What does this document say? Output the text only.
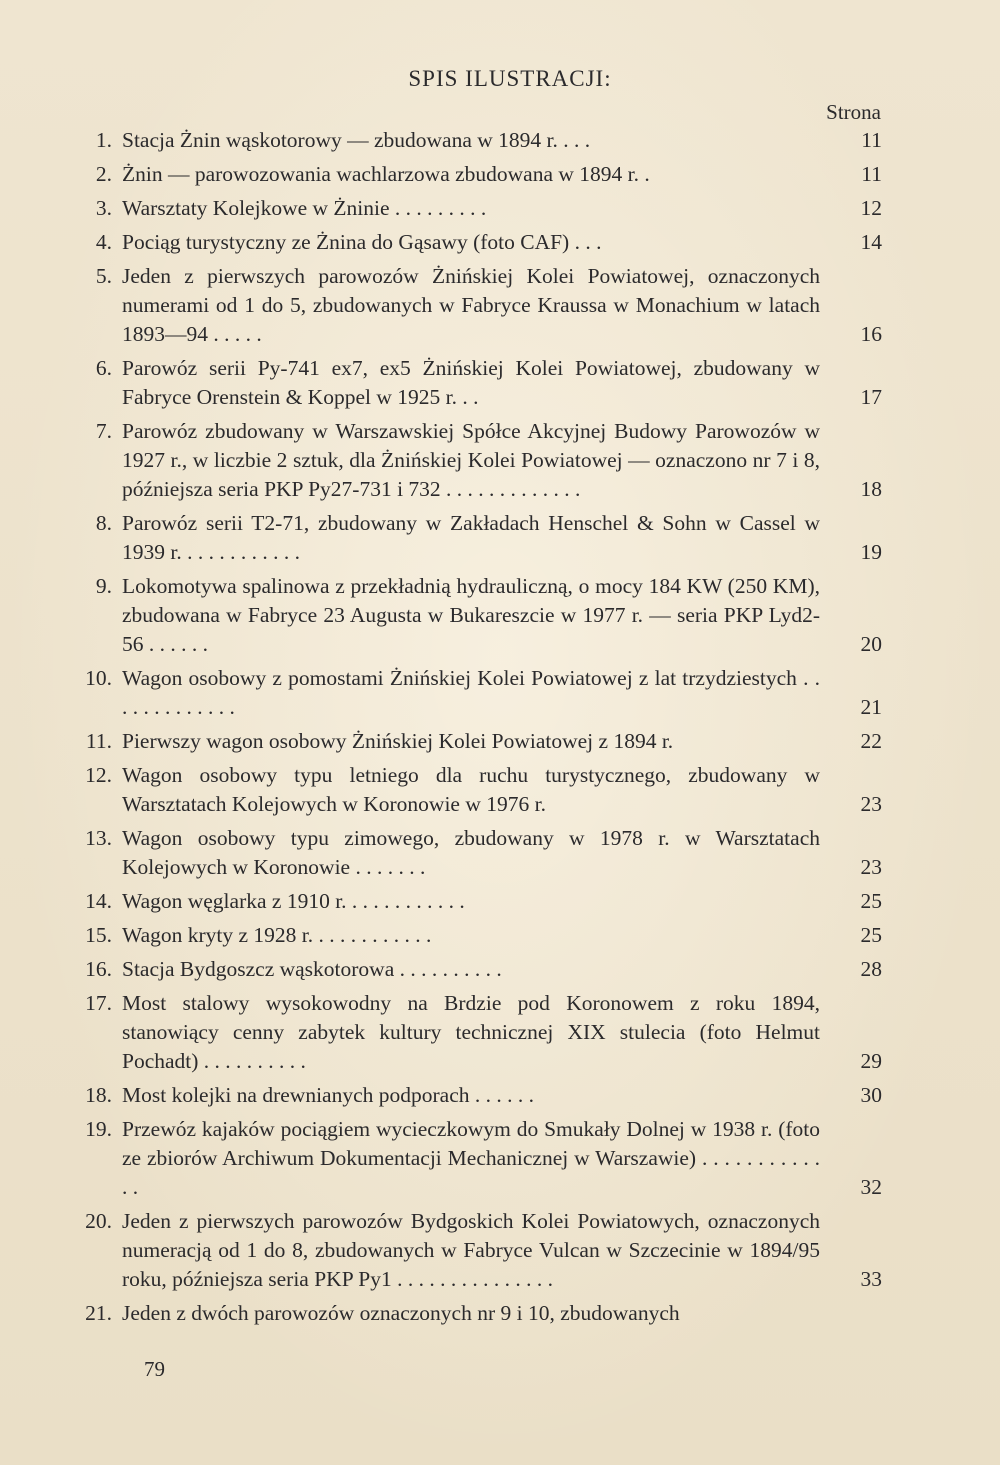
SPIS ILUSTRACJI:
Strona
1. Stacja Żnin wąskotorowy — zbudowana w 1894 r. . . .	11
2. Żnin — parowozowania wachlarzowa zbudowana w 1894 r. .	11
3. Warsztaty Kolejkowe w Żninie . . . . . . . . .	12
4. Pociąg turystyczny ze Żnina do Gąsawy (foto CAF) . . .	14
5. Jeden z pierwszych parowozów Żnińskiej Kolei Powiatowej, oznaczonych numerami od 1 do 5, zbudowanych w Fabryce Kraussa w Monachium w latach 1893—94 . . . . .	16
6. Parowóz serii Py-741 ex7, ex5 Żnińskiej Kolei Powiatowej, zbudowany w Fabryce Orenstein & Koppel w 1925 r. . .	17
7. Parowóz zbudowany w Warszawskiej Spółce Akcyjnej Budowy Parowozów w 1927 r., w liczbie 2 sztuk, dla Żnińskiej Kolei Powiatowej — oznaczono nr 7 i 8, późniejsza seria PKP Py27-731 i 732 . . . . . . . . . . . . .	18
8. Parowóz serii T2-71, zbudowany w Zakładach Henschel & Sohn w Cassel w 1939 r. . . . . . . . . . . .	19
9. Lokomotywa spalinowa z przekładnią hydrauliczną, o mocy 184 KW (250 KM), zbudowana w Fabryce 23 Augusta w Bukareszcie w 1977 r. — seria PKP Lyd2-56 . . . . . .	20
10. Wagon osobowy z pomostami Żnińskiej Kolei Powiatowej z lat trzydziestych . . . . . . . . . . . . .	21
11. Pierwszy wagon osobowy Żnińskiej Kolei Powiatowej z 1894 r.	22
12. Wagon osobowy typu letniego dla ruchu turystycznego, zbudowany w Warsztatach Kolejowych w Koronowie w 1976 r.	23
13. Wagon osobowy typu zimowego, zbudowany w 1978 r. w Warsztatach Kolejowych w Koronowie . . . . . . .	23
14. Wagon węglarka z 1910 r. . . . . . . . . . . .	25
15. Wagon kryty z 1928 r. . . . . . . . . . . .	25
16. Stacja Bydgoszcz wąskotorowa . . . . . . . . . .	28
17. Most stalowy wysokowodny na Brdzie pod Koronowem z roku 1894, stanowiący cenny zabytek kultury technicznej XIX stulecia (foto Helmut Pochadt) . . . . . . . . . .	29
18. Most kolejki na drewnianych podporach . . . . . .	30
19. Przewóz kajaków pociągiem wycieczkowym do Smukały Dolnej w 1938 r. (foto ze zbiorów Archiwum Dokumentacji Mechanicznej w Warszawie) . . . . . . . . . . . . .	32
20. Jeden z pierwszych parowozów Bydgoskich Kolei Powiatowych, oznaczonych numeracją od 1 do 8, zbudowanych w Fabryce Vulcan w Szczecinie w 1894/95 roku, późniejsza seria PKP Py1 . . . . . . . . . . . . . . .	33
21. Jeden z dwóch parowozów oznaczonych nr 9 i 10, zbudowanych
79
